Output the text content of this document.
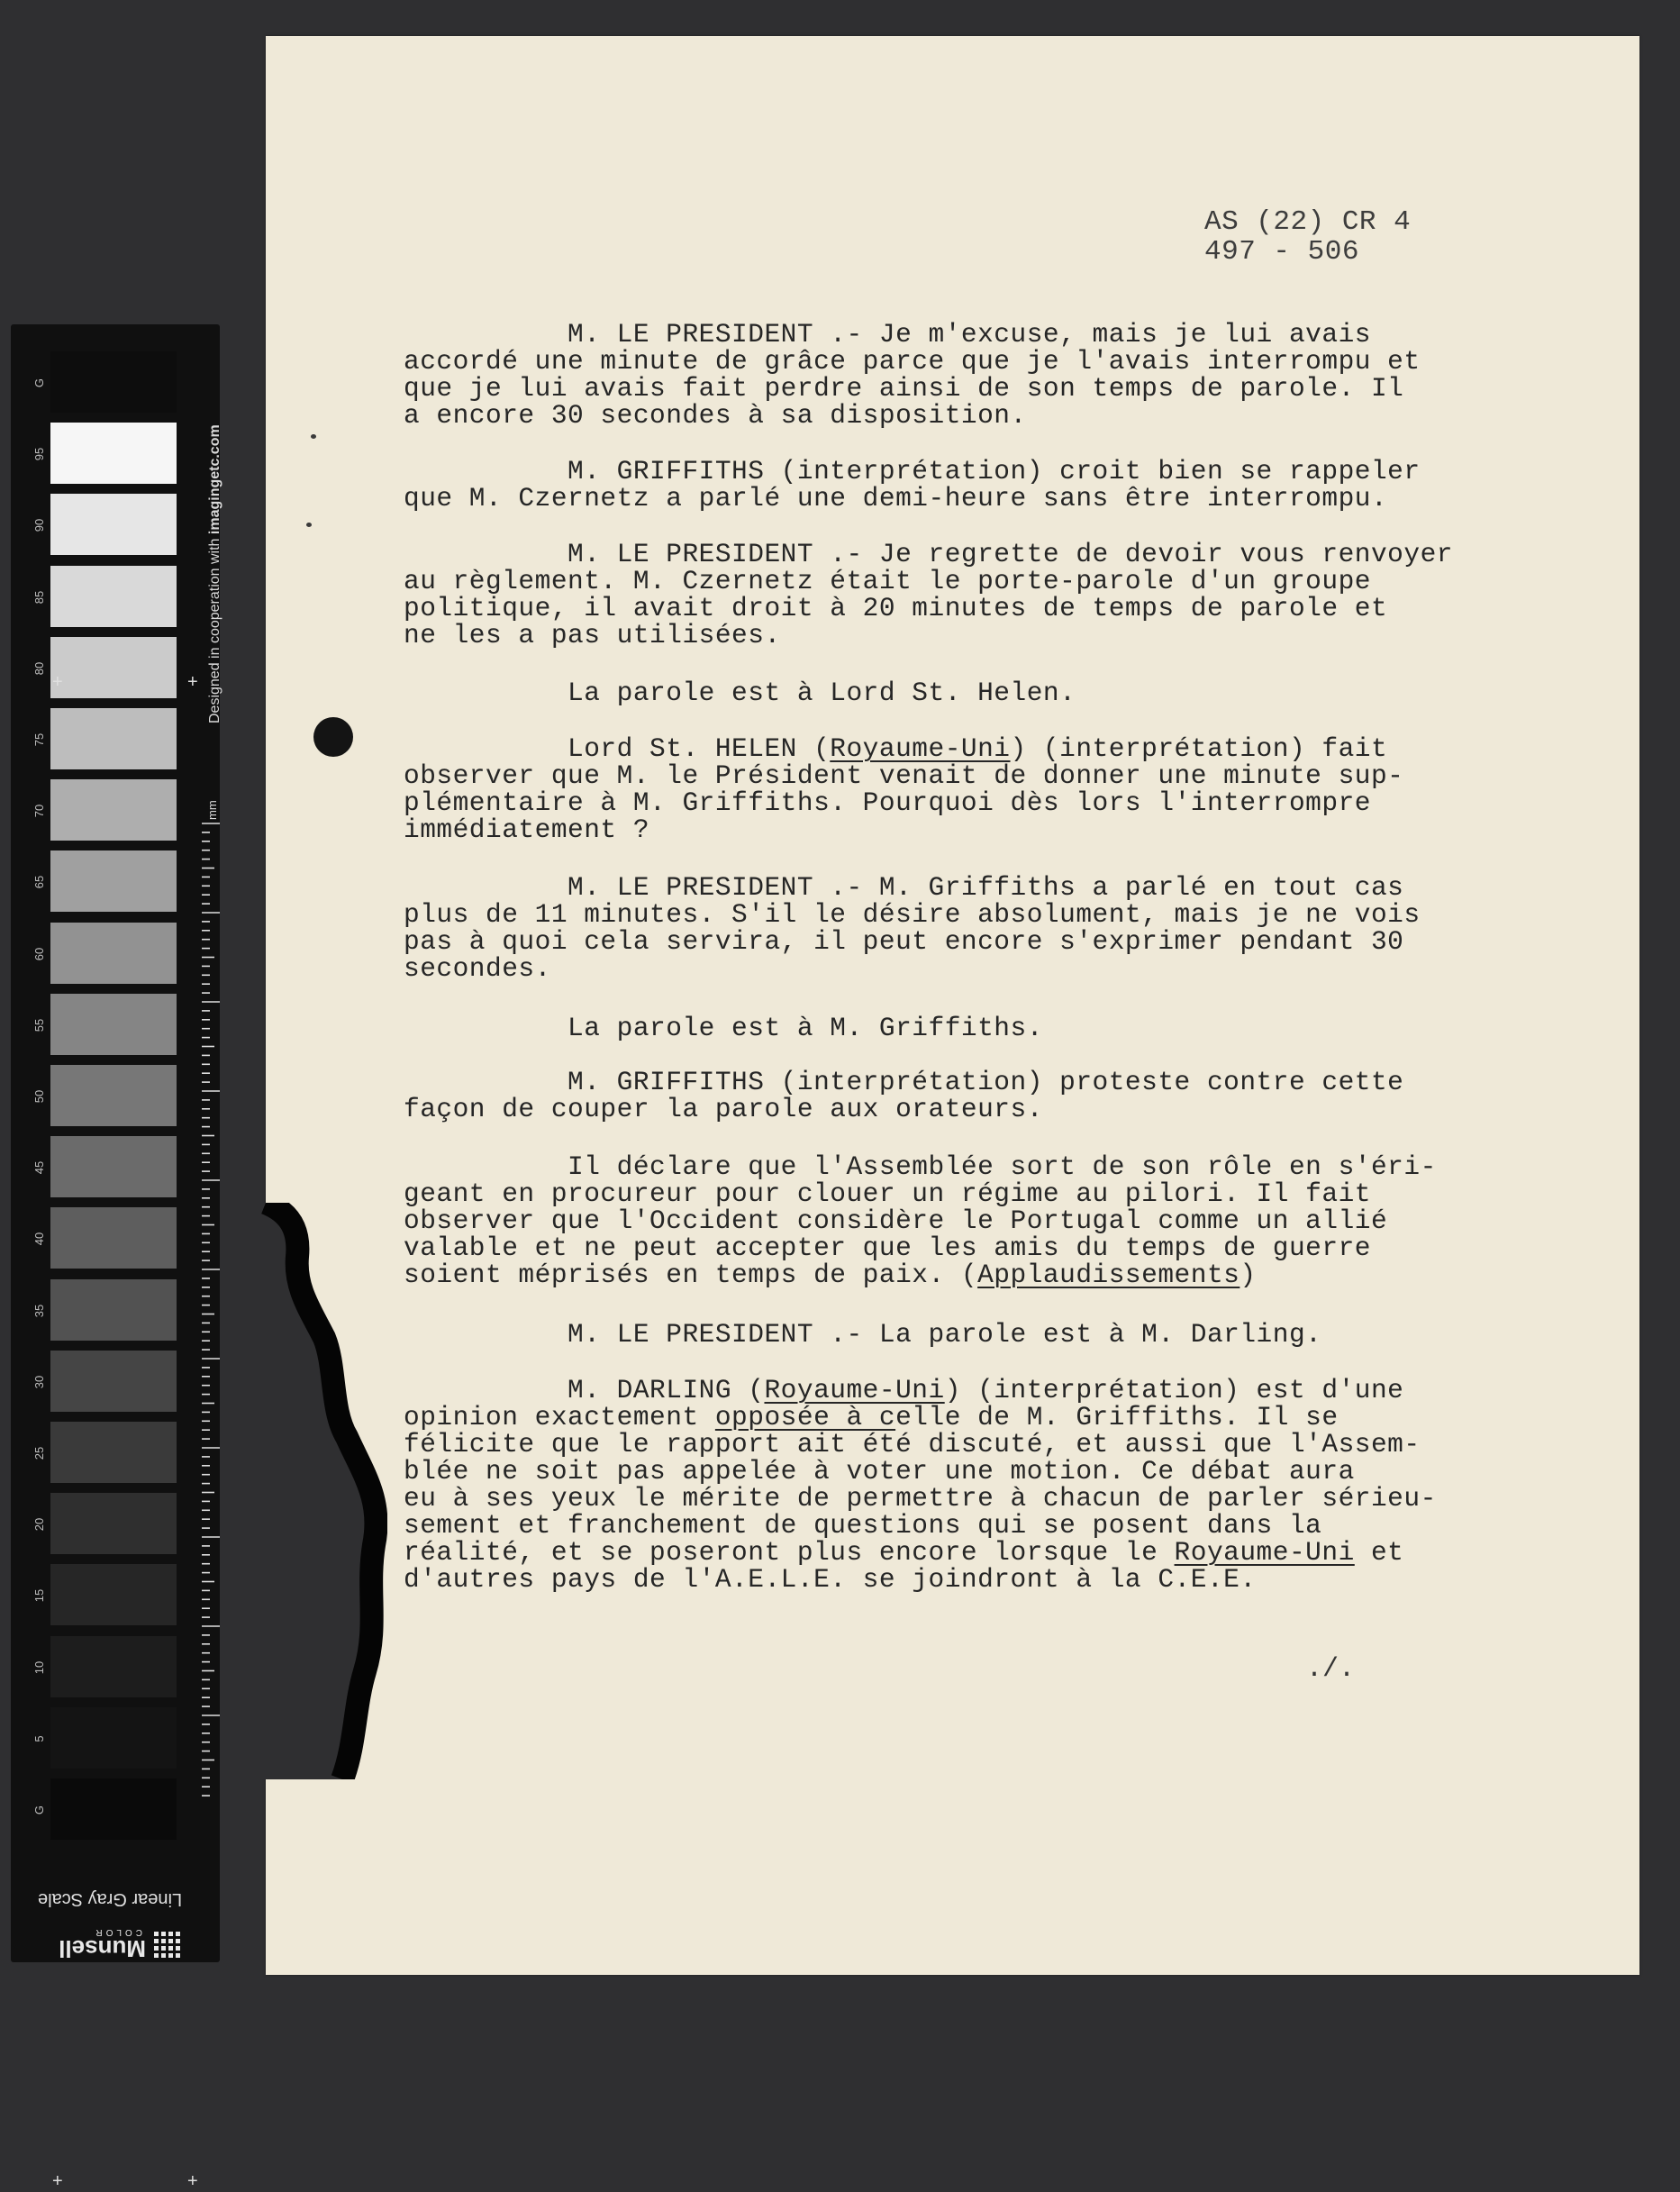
G
95
90
85
80
75
70
65
60
55
50
45
40
35
30
25
20
15
10
5
G
+	+
+	+
Designed in cooperation with imagingetc.com
mm
Linear Gray Scale
Munsell
COLOR
AS (22) CR 4
497 - 506
M. LE PRESIDENT .- Je m'excuse, mais je lui avais
accordé une minute de grâce parce que je l'avais interrompu et
que je lui avais fait perdre ainsi de son temps de parole. Il
a encore 30 secondes à sa disposition.
M. GRIFFITHS (interprétation) croit bien se rappeler
que M. Czernetz a parlé une demi-heure sans être interrompu.
M. LE PRESIDENT .- Je regrette de devoir vous renvoyer
au règlement. M. Czernetz était le porte-parole d'un groupe
politique, il avait droit à 20 minutes de temps de parole et
ne les a pas utilisées.
La parole est à Lord St. Helen.
Lord St. HELEN (Royaume-Uni) (interprétation) fait
observer que M. le Président venait de donner une minute sup-
plémentaire à M. Griffiths. Pourquoi dès lors l'interrompre
immédiatement ?
M. LE PRESIDENT .- M. Griffiths a parlé en tout cas
plus de 11 minutes. S'il le désire absolument, mais je ne vois
pas à quoi cela servira, il peut encore s'exprimer pendant 30
secondes.
La parole est à M. Griffiths.
M. GRIFFITHS (interprétation) proteste contre cette
façon de couper la parole aux orateurs.
Il déclare que l'Assemblée sort de son rôle en s'éri-
geant en procureur pour clouer un régime au pilori. Il fait
observer que l'Occident considère le Portugal comme un allié
valable et ne peut accepter que les amis du temps de guerre
soient méprisés en temps de paix. (Applaudissements)
M. LE PRESIDENT .- La parole est à M. Darling.
M. DARLING (Royaume-Uni) (interprétation) est d'une
opinion exactement opposée à celle de M. Griffiths. Il se
félicite que le rapport ait été discuté, et aussi que l'Assem-
blée ne soit pas appelée à voter une motion. Ce débat aura
eu à ses yeux le mérite de permettre à chacun de parler sérieu-
sement et franchement de questions qui se posent dans la
réalité, et se poseront plus encore lorsque le Royaume-Uni et
d'autres pays de l'A.E.L.E. se joindront à la C.E.E.
./.
